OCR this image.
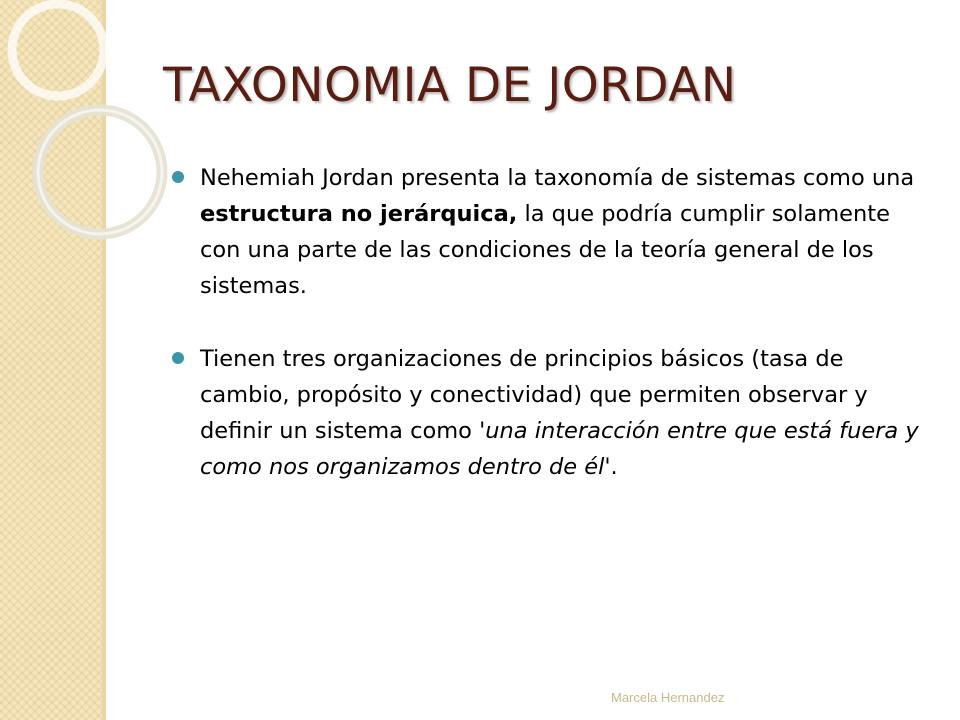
TAXONOMIA DE JORDAN
Nehemiah Jordan presenta la taxonomía de sistemas como una estructura no jerárquica, la que podría cumplir solamente con una parte de las condiciones de la teoría general de los sistemas.
Tienen tres organizaciones de principios básicos (tasa de cambio, propósito y conectividad) que permiten observar y definir un sistema como 'una interacción entre que está fuera y como nos organizamos dentro de él'.
Marcela Hernandez
